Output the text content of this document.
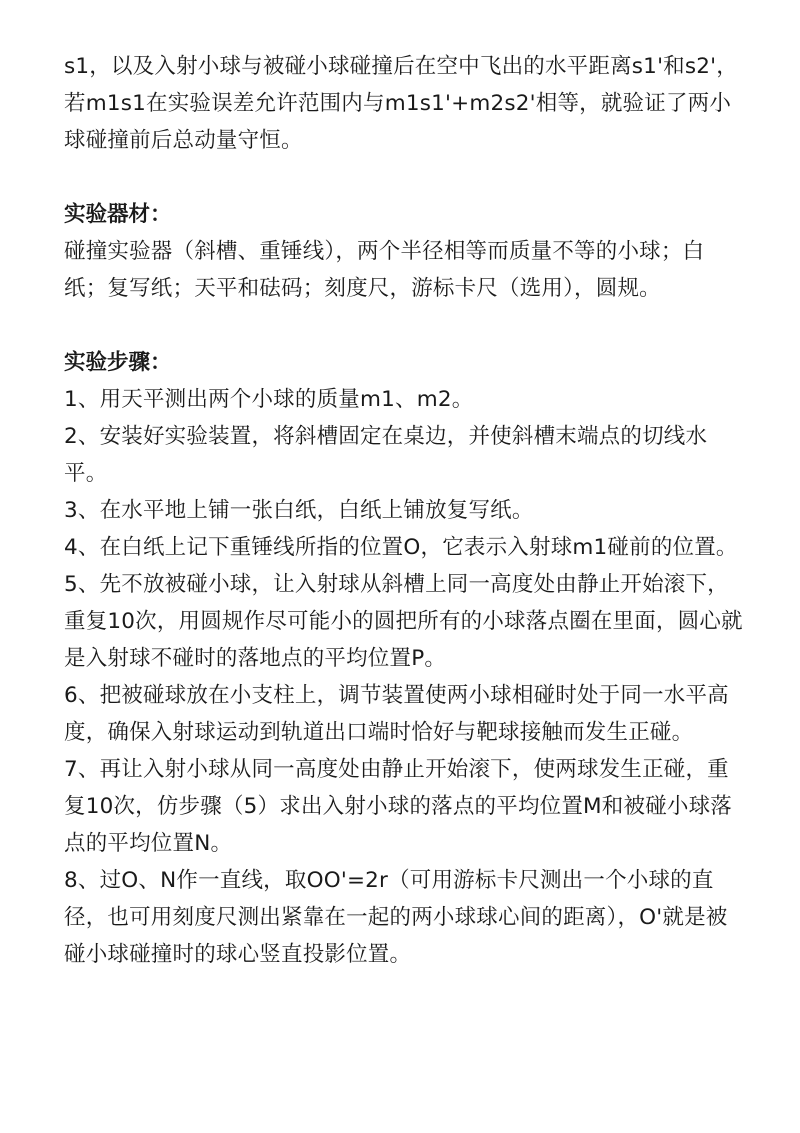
s1，以及入射小球与被碰小球碰撞后在空中飞出的水平距离s1'和s2'，若m1s1在实验误差允许范围内与m1s1'+m2s2'相等，就验证了两小球碰撞前后总动量守恒。

实验器材：

碰撞实验器（斜槽、重锤线），两个半径相等而质量不等的小球；白纸；复写纸；天平和砝码；刻度尺，游标卡尺（选用），圆规。

实验步骤：

1、用天平测出两个小球的质量m1、m2。
2、安装好实验装置，将斜槽固定在桌边，并使斜槽末端点的切线水平。
3、在水平地上铺一张白纸，白纸上铺放复写纸。
4、在白纸上记下重锤线所指的位置O，它表示入射球m1碰前的位置。
5、先不放被碰小球，让入射球从斜槽上同一高度处由静止开始滚下，重复10次，用圆规作尽可能小的圆把所有的小球落点圈在里面，圆心就是入射球不碰时的落地点的平均位置P。
6、把被碰球放在小支柱上，调节装置使两小球相碰时处于同一水平高度，确保入射球运动到轨道出口端时恰好与靶球接触而发生正碰。
7、再让入射小球从同一高度处由静止开始滚下，使两球发生正碰，重复10次，仿步骤（5）求出入射小球的落点的平均位置M和被碰小球落点的平均位置N。
8、过O、N作一直线，取OO'=2r（可用游标卡尺测出一个小球的直径，也可用刻度尺测出紧靠在一起的两小球球心间的距离），O'就是被碰小球碰撞时的球心竖直投影位置。
